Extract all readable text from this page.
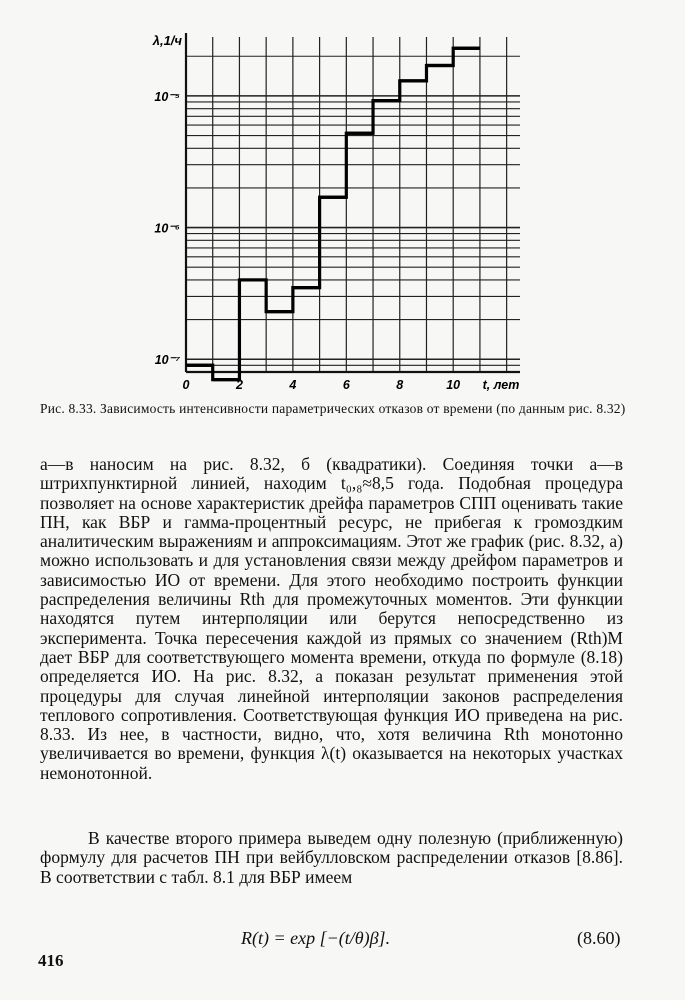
10⁻⁵
10⁻⁶
10⁻⁷
0	2	4	6	8	10
λ,1/ч
t, лет
Рис. 8.33. Зависимость интенсивности параметрических отказов от времени (по данным рис. 8.32)

а—в наносим на рис. 8.32, б (квадратики). Соединяя точки а—в штрихпунктирной линией, находим t₀,₈≈8,5 года. Подобная процедура позволяет на основе характеристик дрейфа параметров СПП оценивать такие ПН, как ВБР и гамма-процентный ресурс, не прибегая к громоздким аналитическим выражениям и аппроксимациям. Этот же график (рис. 8.32, а) можно использовать и для установления связи между дрейфом параметров и зависимостью ИО от времени. Для этого необходимо построить функции распределения величины Rth для промежуточных моментов. Эти функции находятся путем интерполяции или берутся непосредственно из эксперимента. Точка пересечения каждой из прямых со значением (Rth)M дает ВБР для соответствующего момента времени, откуда по формуле (8.18) определяется ИО. На рис. 8.32, а показан результат применения этой процедуры для случая линейной интерполяции законов распределения теплового сопротивления. Соответствующая функция ИО приведена на рис. 8.33. Из нее, в частности, видно, что, хотя величина Rth монотонно увеличивается во времени, функция λ(t) оказывается на некоторых участках немонотонной.

В качестве второго примера выведем одну полезную (приближенную) формулу для расчетов ПН при вейбулловском распределении отказов [8.86]. В соответствии с табл. 8.1 для ВБР имеем

R(t) = exp [−(t/θ)β].	(8.60)
416
